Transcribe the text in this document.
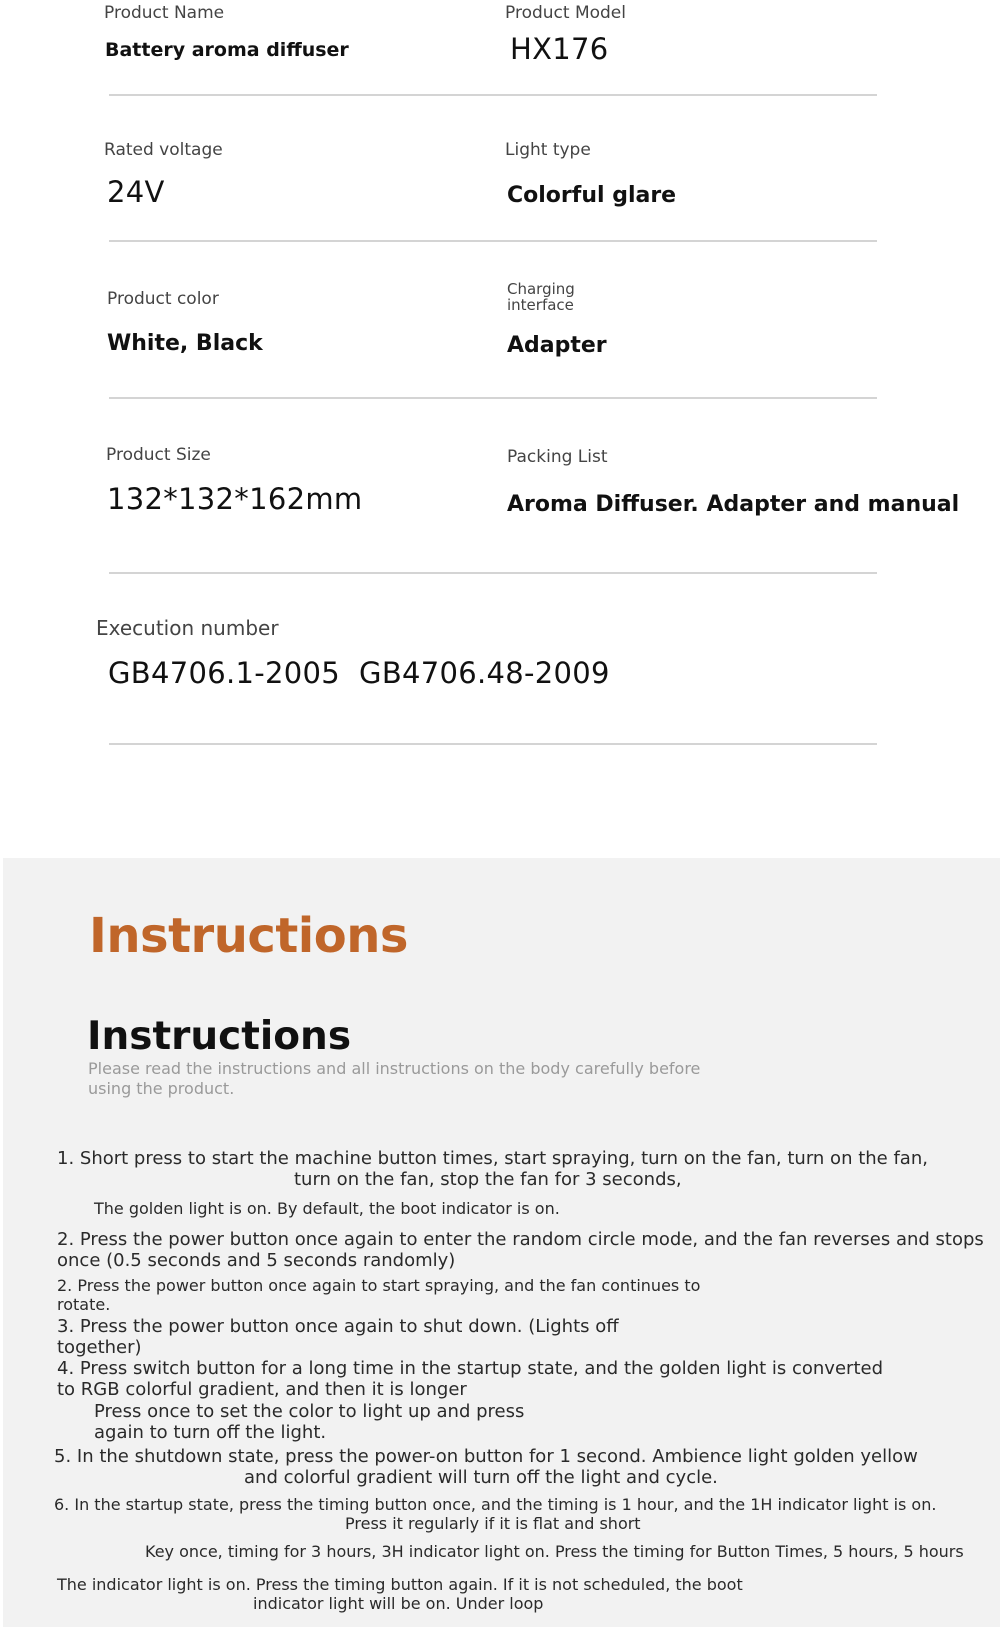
Product Name
Battery aroma diffuser
Product Model
HX176
Rated voltage
24V
Light type
Colorful glare
Product color
White, Black
Charging
interface
Adapter
Product Size
132*132*162mm
Packing List
Aroma Diffuser. Adapter and manual
Execution number
GB4706.1-2005  GB4706.48-2009
Instructions
Instructions
Please read the instructions and all instructions on the body carefully before
using the product.
1. Short press to start the machine button times, start spraying, turn on the fan, turn on the fan,
turn on the fan, stop the fan for 3 seconds,
The golden light is on. By default, the boot indicator is on.
2. Press the power button once again to enter the random circle mode, and the fan reverses and stops
once (0.5 seconds and 5 seconds randomly)
2. Press the power button once again to start spraying, and the fan continues to
rotate.
3. Press the power button once again to shut down. (Lights off
together)
4. Press switch button for a long time in the startup state, and the golden light is converted
to RGB colorful gradient, and then it is longer
Press once to set the color to light up and press
again to turn off the light.
5. In the shutdown state, press the power-on button for 1 second. Ambience light golden yellow
and colorful gradient will turn off the light and cycle.
6. In the startup state, press the timing button once, and the timing is 1 hour, and the 1H indicator light is on.
Press it regularly if it is flat and short
Key once, timing for 3 hours, 3H indicator light on. Press the timing for Button Times, 5 hours, 5 hours
The indicator light is on. Press the timing button again. If it is not scheduled, the boot
indicator light will be on. Under loop
